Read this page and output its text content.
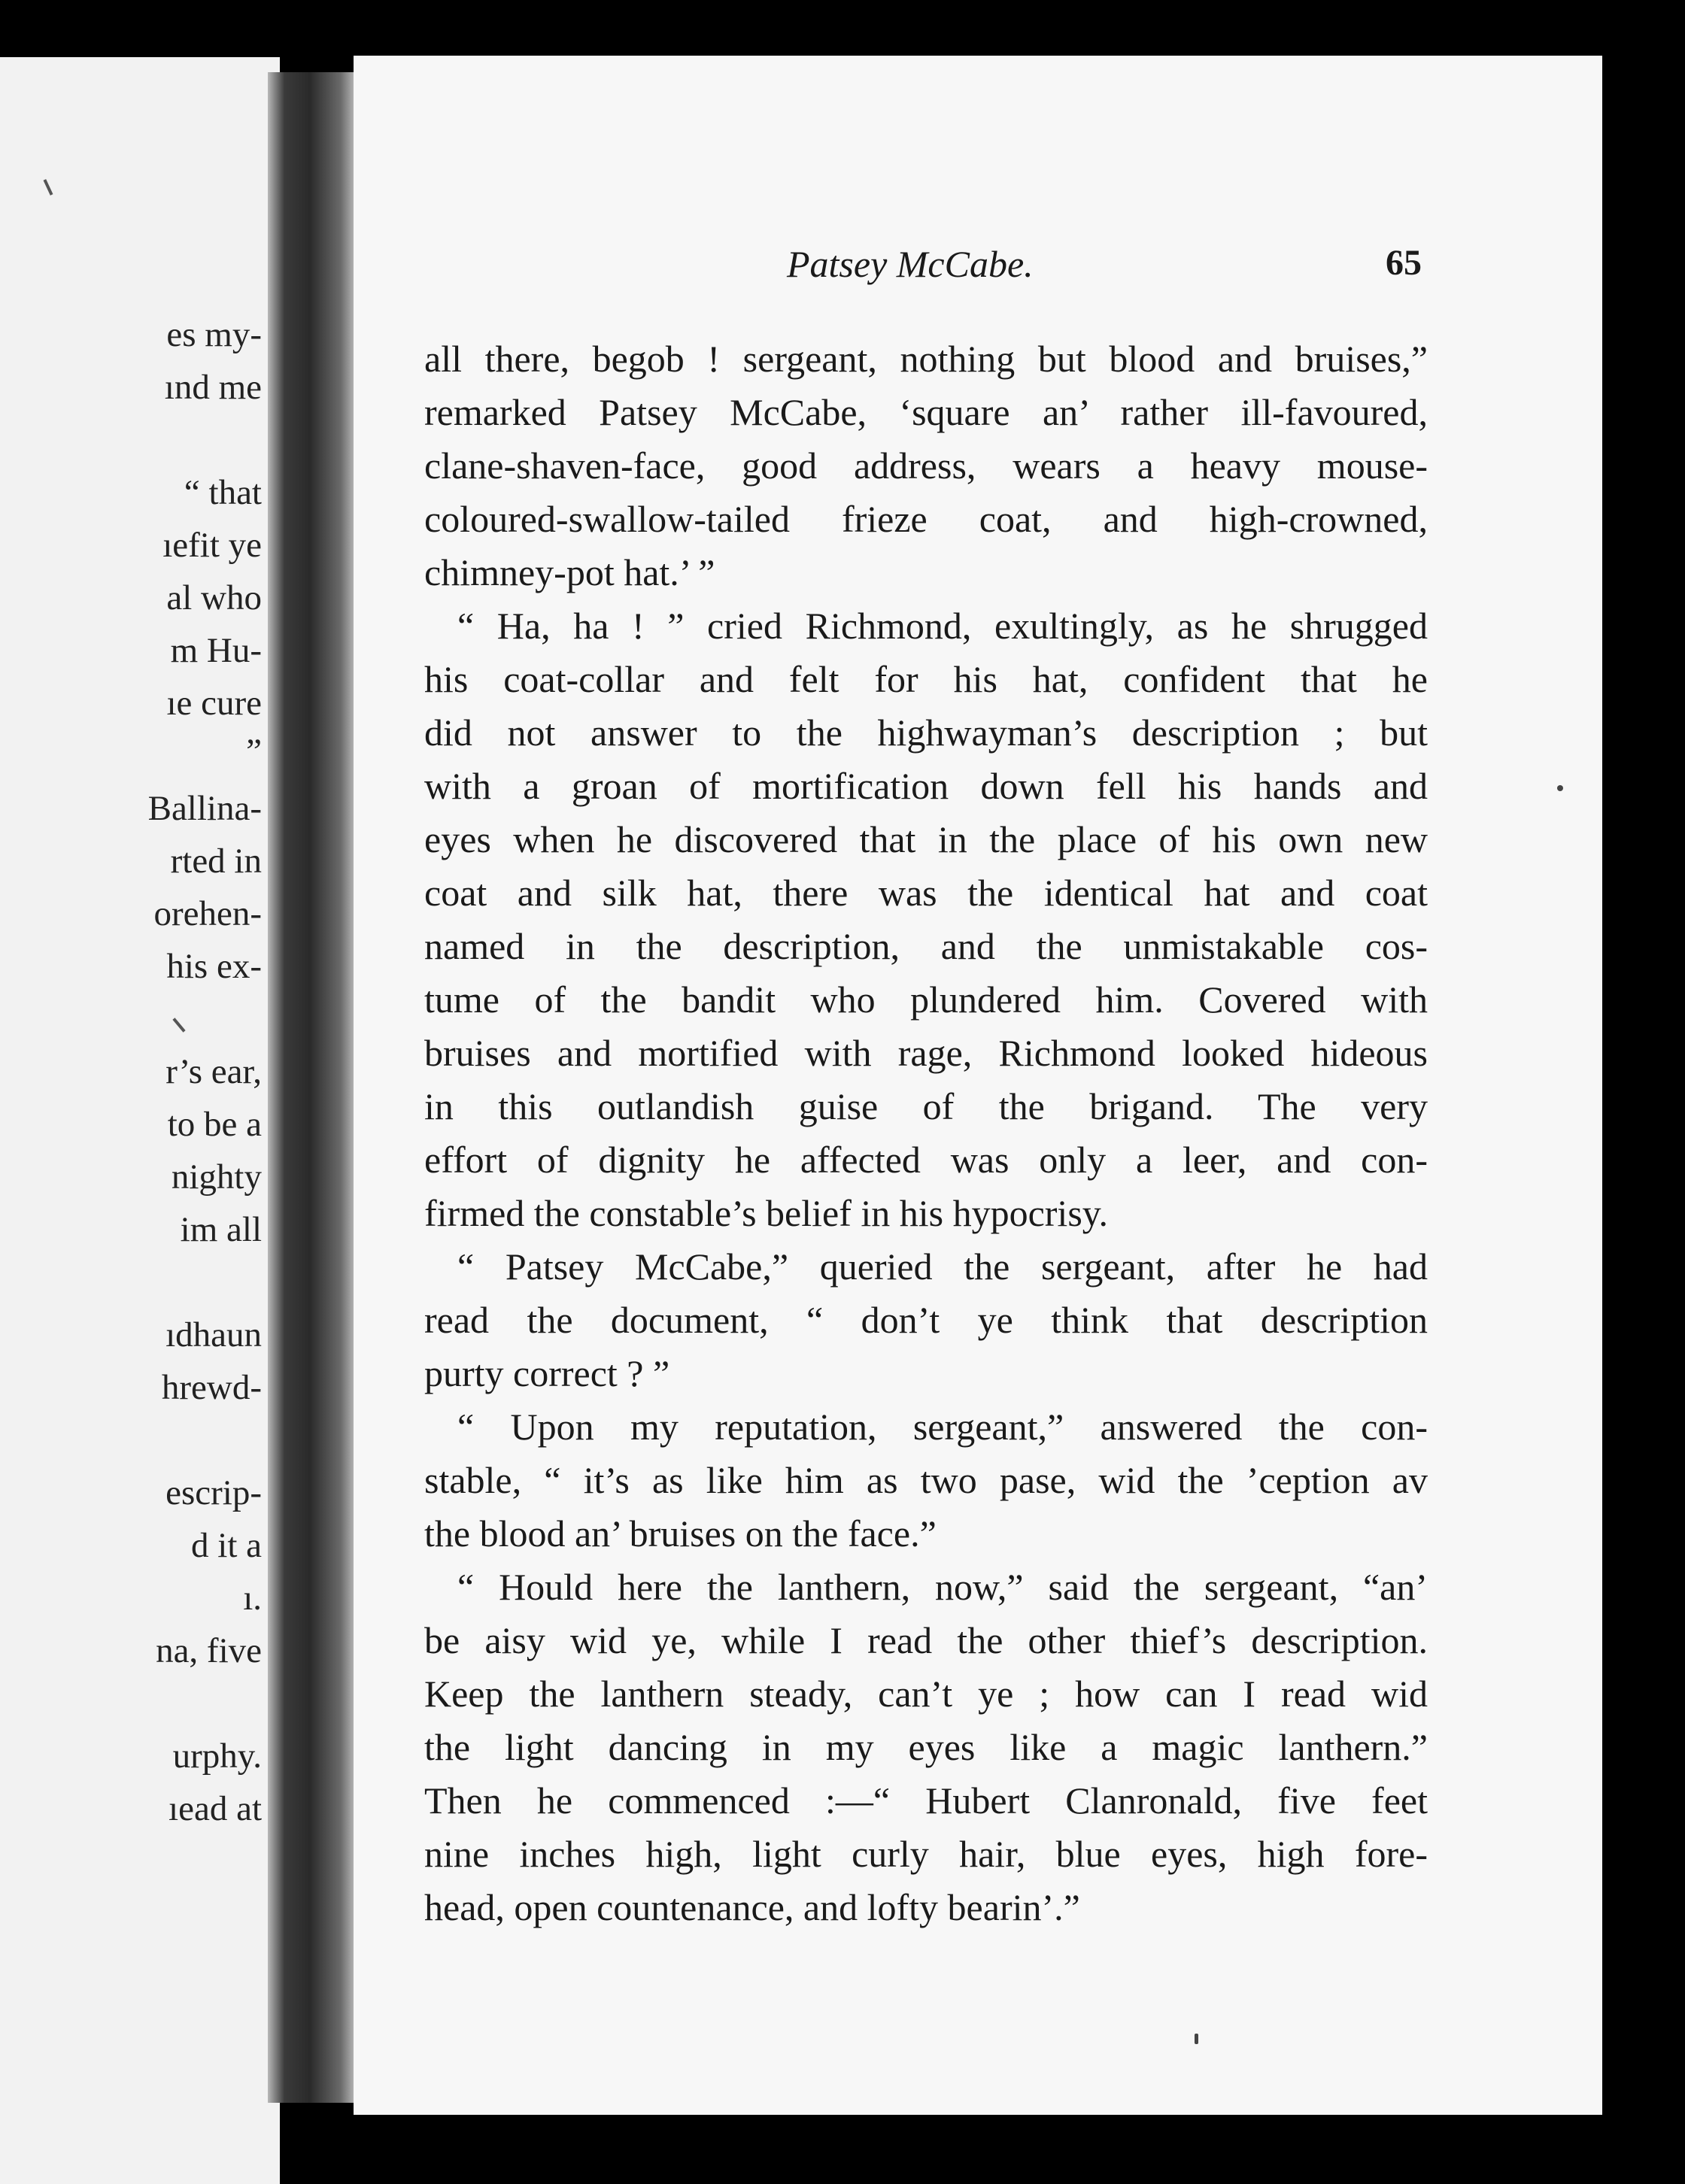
es my-
ınd me
“ that
ıefit ye
al who
m Hu-
ıe cure
”
Ballina-
rted in
orehen-
his ex-
r’s ear,
to be a
nighty
im all
ıdhaun
hrewd-
escrip-
d it a
ı.
na, five
urphy.
ıead at
Patsey McCabe.	65
all there, begob ! sergeant, nothing but blood and bruises,”
remarked Patsey McCabe, ‘square an’ rather ill-favoured,
clane-shaven-face, good address, wears a heavy mouse-
coloured-swallow-tailed frieze coat, and high-crowned,
chimney-pot hat.’ ”
“ Ha, ha ! ” cried Richmond, exultingly, as he shrugged
his coat-collar and felt for his hat, confident that he
did not answer to the highwayman’s description ; but
with a groan of mortification down fell his hands and
eyes when he discovered that in the place of his own new
coat and silk hat, there was the identical hat and coat
named in the description, and the unmistakable cos-
tume of the bandit who plundered him. Covered with
bruises and mortified with rage, Richmond looked hideous
in this outlandish guise of the brigand. The very
effort of dignity he affected was only a leer, and con-
firmed the constable’s belief in his hypocrisy.
“ Patsey McCabe,” queried the sergeant, after he had
read the document, “ don’t ye think that description
purty correct ? ”
“ Upon my reputation, sergeant,” answered the con-
stable, “ it’s as like him as two pase, wid the ’ception av
the blood an’ bruises on the face.”
“ Hould here the lanthern, now,” said the sergeant, “an’
be aisy wid ye, while I read the other thief’s description.
Keep the lanthern steady, can’t ye ; how can I read wid
the light dancing in my eyes like a magic lanthern.”
Then he commenced :—“ Hubert Clanronald, five feet
nine inches high, light curly hair, blue eyes, high fore-
head, open countenance, and lofty bearin’.”
